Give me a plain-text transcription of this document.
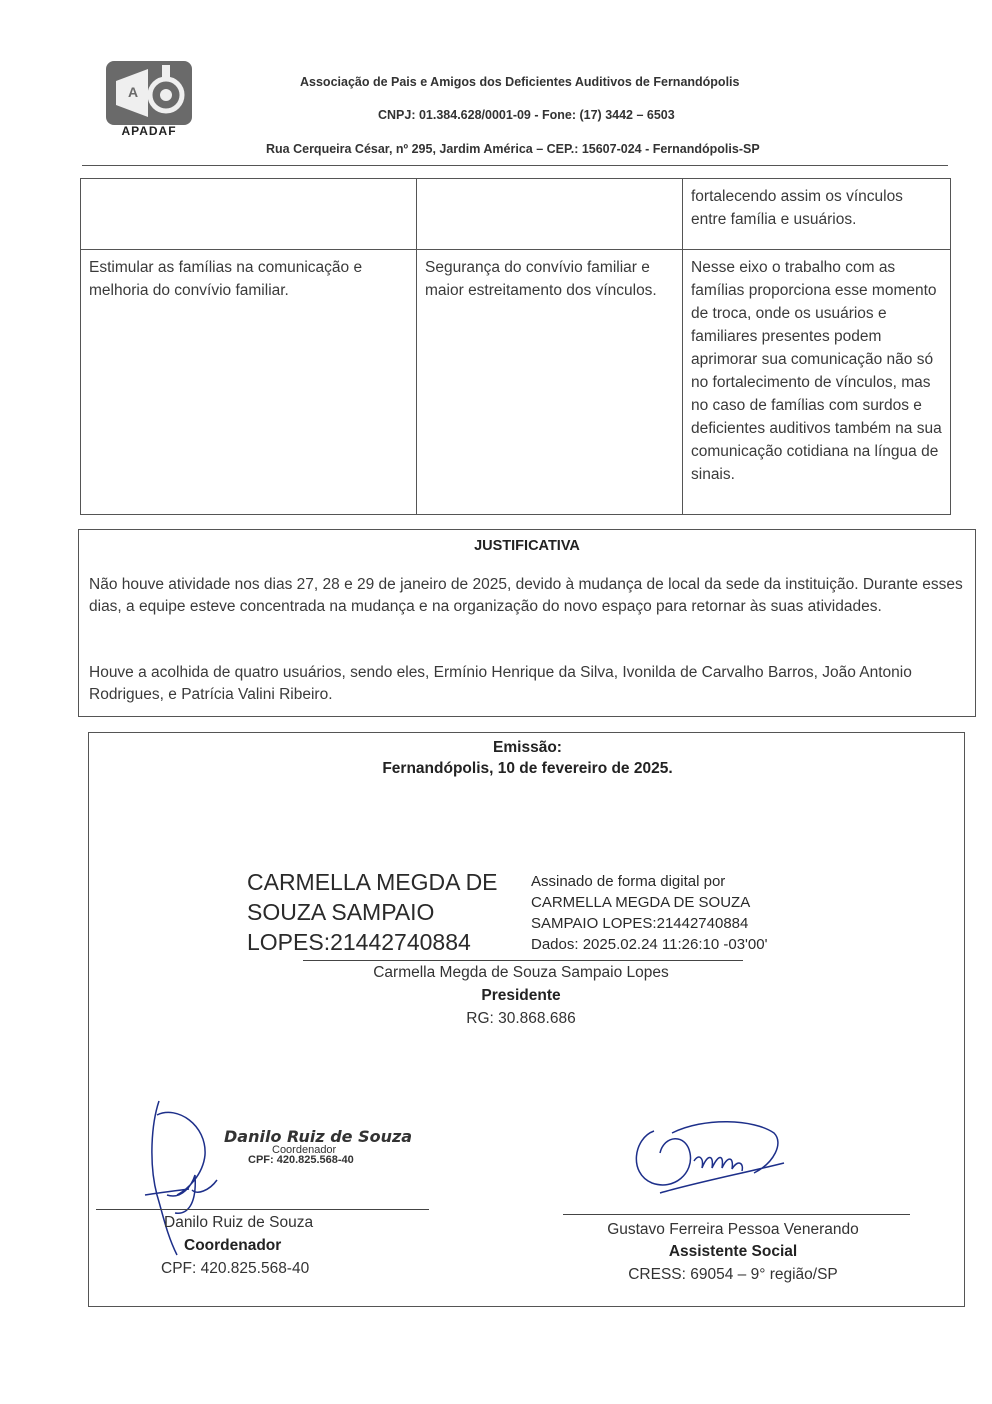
A
APADAF
Associação de Pais e Amigos dos Deficientes Auditivos de Fernandópolis
CNPJ: 01.384.628/0001-09 - Fone: (17) 3442 – 6503
Rua Cerqueira César, nº 295, Jardim América – CEP.: 15607-024 - Fernandópolis-SP
		fortalecendo assim os vínculos entre família e usuários.
Estimular as famílias na comunicação e melhoria do convívio familiar.	Segurança do convívio familiar e maior estreitamento dos vínculos.	Nesse eixo o trabalho com as famílias proporciona esse momento de troca, onde os usuários e familiares presentes podem aprimorar sua comunicação não só no fortalecimento de vínculos, mas no caso de famílias com surdos e deficientes auditivos também na sua comunicação cotidiana na língua de sinais.
JUSTIFICATIVA
Não houve atividade nos dias 27, 28 e 29 de janeiro de 2025, devido à mudança de local da sede da instituição. Durante esses dias, a equipe esteve concentrada na mudança e na organização do novo espaço para retornar às suas atividades.
Houve a acolhida de quatro usuários, sendo eles, Ermínio Henrique da Silva, Ivonilda de Carvalho Barros, João Antonio Rodrigues, e Patrícia Valini Ribeiro.
Emissão:
Fernandópolis, 10 de fevereiro de 2025.
CARMELLA MEGDA DE
SOUZA SAMPAIO
LOPES:21442740884
Assinado de forma digital por
CARMELLA MEGDA DE SOUZA
SAMPAIO LOPES:21442740884
Dados: 2025.02.24 11:26:10 -03'00'
Carmella Megda de Souza Sampaio Lopes
Presidente
RG: 30.868.686
Danilo Ruiz de Souza
Coordenador
CPF: 420.825.568-40
Danilo Ruiz de Souza
Coordenador
CPF: 420.825.568-40
Gustavo Ferreira Pessoa Venerando
Assistente Social
CRESS: 69054 – 9° região/SP
